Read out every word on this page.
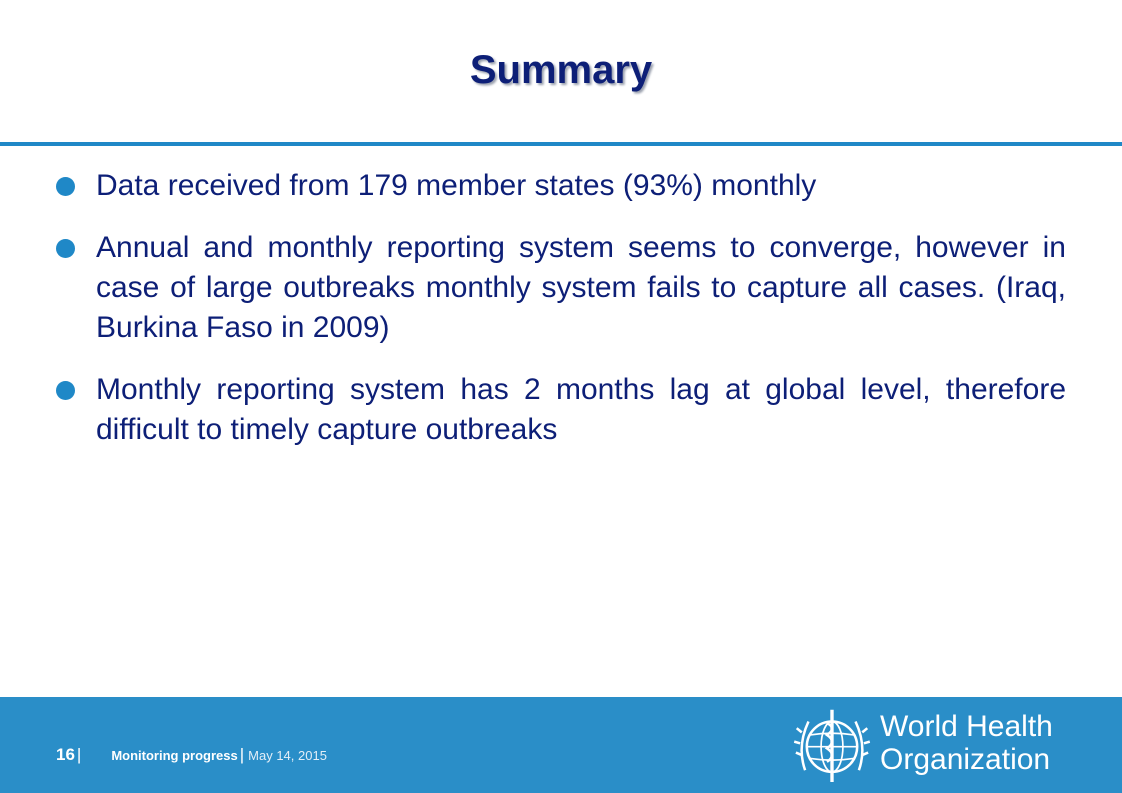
Summary
Data received from 179 member states (93%) monthly
Annual and monthly reporting system seems to converge, however in case of large outbreaks monthly system fails to capture all cases. (Iraq, Burkina Faso in 2009)
Monthly reporting system has 2 months lag at global level, therefore difficult to timely capture outbreaks
16 | Monitoring progress | May 14, 2015
World Health
Organization
